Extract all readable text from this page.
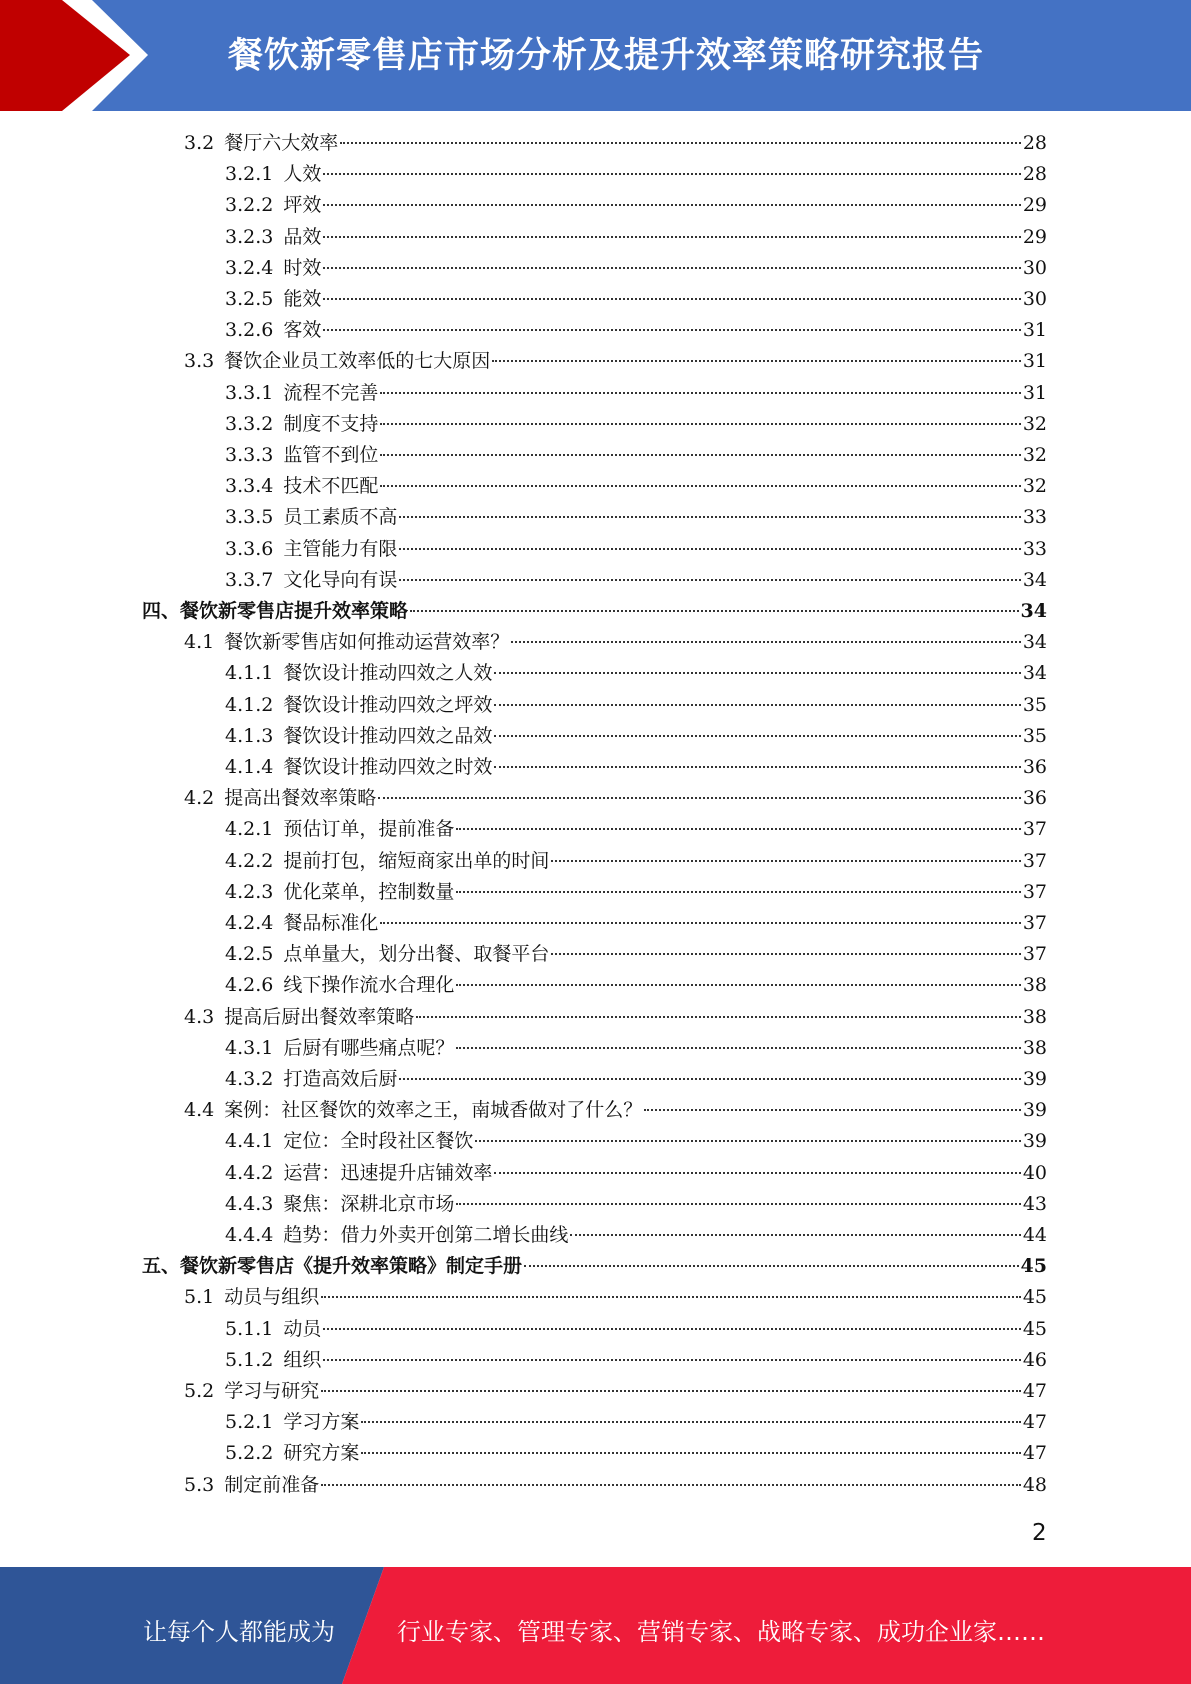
餐饮新零售店市场分析及提升效率策略研究报告
3.2 餐厅六大效率	28
3.2.1 人效	28
3.2.2 坪效	29
3.2.3 品效	29
3.2.4 时效	30
3.2.5 能效	30
3.2.6 客效	31
3.3 餐饮企业员工效率低的七大原因	31
3.3.1 流程不完善	31
3.3.2 制度不支持	32
3.3.3 监管不到位	32
3.3.4 技术不匹配	32
3.3.5 员工素质不高	33
3.3.6 主管能力有限	33
3.3.7 文化导向有误	34
四、餐饮新零售店提升效率策略	34
4.1 餐饮新零售店如何推动运营效率？	34
4.1.1 餐饮设计推动四效之人效	34
4.1.2 餐饮设计推动四效之坪效	35
4.1.3 餐饮设计推动四效之品效	35
4.1.4 餐饮设计推动四效之时效	36
4.2 提高出餐效率策略	36
4.2.1 预估订单，提前准备	37
4.2.2 提前打包，缩短商家出单的时间	37
4.2.3 优化菜单，控制数量	37
4.2.4 餐品标准化	37
4.2.5 点单量大，划分出餐、取餐平台	37
4.2.6 线下操作流水合理化	38
4.3 提高后厨出餐效率策略	38
4.3.1 后厨有哪些痛点呢？	38
4.3.2 打造高效后厨	39
4.4 案例：社区餐饮的效率之王，南城香做对了什么？	39
4.4.1 定位：全时段社区餐饮	39
4.4.2 运营：迅速提升店铺效率	40
4.4.3 聚焦：深耕北京市场	43
4.4.4 趋势：借力外卖开创第二增长曲线	44
五、餐饮新零售店《提升效率策略》制定手册	45
5.1 动员与组织	45
5.1.1 动员	45
5.1.2 组织	46
5.2 学习与研究	47
5.2.1 学习方案	47
5.2.2 研究方案	47
5.3 制定前准备	48
2
让每个人都能成为	行业专家、管理专家、营销专家、战略专家、成功企业家……
